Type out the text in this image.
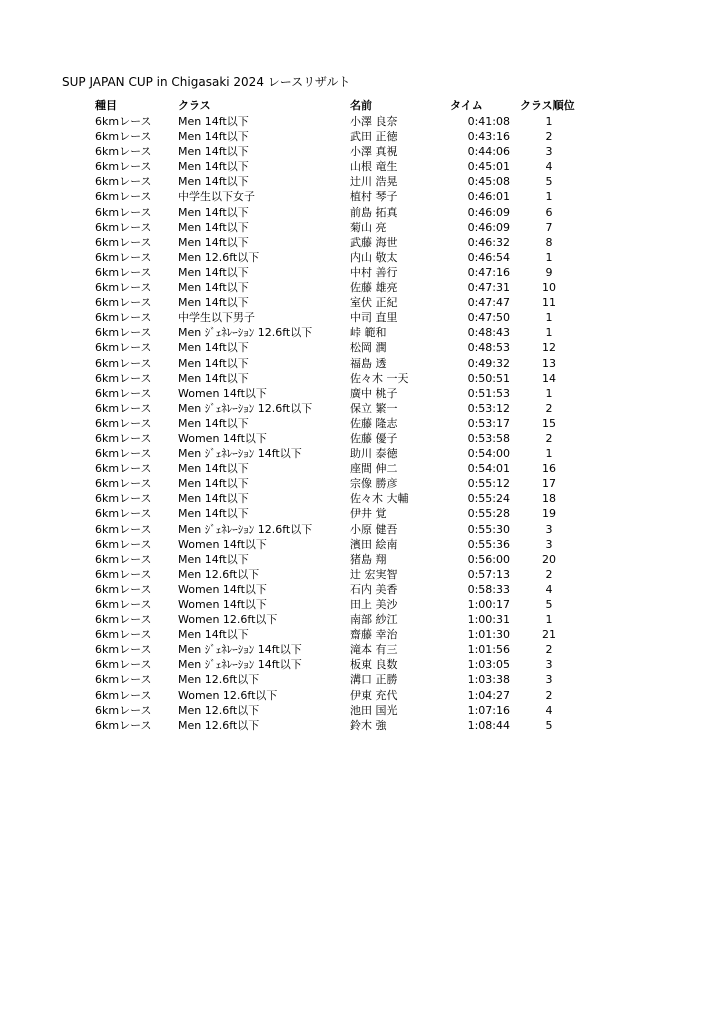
SUP JAPAN CUP in Chigasaki 2024 レースリザルト
種目	クラス	名前	タイム	クラス順位
6kmレース Men 14ft以下	小澤 良奈	0:41:08	1
6kmレース Men 14ft以下	武田 正徳	0:43:16	2
6kmレース Men 14ft以下	小澤 真視	0:44:06	3
6kmレース Men 14ft以下	山根 竜生	0:45:01	4
6kmレース Men 14ft以下	辻川 浩晃	0:45:08	5
6kmレース 中学生以下女子	植村 琴子	0:46:01	1
6kmレース Men 14ft以下	前島 拓真	0:46:09	6
6kmレース Men 14ft以下	菊山 亮	0:46:09	7
6kmレース Men 14ft以下	武藤 海世	0:46:32	8
6kmレース Men 12.6ft以下	内山 敬太	0:46:54	1
6kmレース Men 14ft以下	中村 善行	0:47:16	9
6kmレース Men 14ft以下	佐藤 雄亮	0:47:31	10
6kmレース Men 14ft以下	室伏 正紀	0:47:47	11
6kmレース 中学生以下男子	中司 直里	0:47:50	1
6kmレース Men ｼﾞｪﾈﾚｰｼｮﾝ 12.6ft以下	峠 範和	0:48:43	1
6kmレース Men 14ft以下	松岡 潤	0:48:53	12
6kmレース Men 14ft以下	福島 透	0:49:32	13
6kmレース Men 14ft以下	佐々木 一天	0:50:51	14
6kmレース Women 14ft以下	廣中 桃子	0:51:53	1
6kmレース Men ｼﾞｪﾈﾚｰｼｮﾝ 12.6ft以下	保立 繁一	0:53:12	2
6kmレース Men 14ft以下	佐藤 隆志	0:53:17	15
6kmレース Women 14ft以下	佐藤 優子	0:53:58	2
6kmレース Men ｼﾞｪﾈﾚｰｼｮﾝ 14ft以下	助川 泰徳	0:54:00	1
6kmレース Men 14ft以下	座間 伸二	0:54:01	16
6kmレース Men 14ft以下	宗像 勝彦	0:55:12	17
6kmレース Men 14ft以下	佐々木 大輔	0:55:24	18
6kmレース Men 14ft以下	伊井 覚	0:55:28	19
6kmレース Men ｼﾞｪﾈﾚｰｼｮﾝ 12.6ft以下	小原 健吾	0:55:30	3
6kmレース Women 14ft以下	濱田 絵南	0:55:36	3
6kmレース Men 14ft以下	猪島 翔	0:56:00	20
6kmレース Men 12.6ft以下	辻 宏実智	0:57:13	2
6kmレース Women 14ft以下	石内 美香	0:58:33	4
6kmレース Women 14ft以下	田上 美沙	1:00:17	5
6kmレース Women 12.6ft以下	南部 紗江	1:00:31	1
6kmレース Men 14ft以下	齋藤 幸治	1:01:30	21
6kmレース Men ｼﾞｪﾈﾚｰｼｮﾝ 14ft以下	滝本 有三	1:01:56	2
6kmレース Men ｼﾞｪﾈﾚｰｼｮﾝ 14ft以下	板東 良数	1:03:05	3
6kmレース Men 12.6ft以下	溝口 正勝	1:03:38	3
6kmレース Women 12.6ft以下	伊東 充代	1:04:27	2
6kmレース Men 12.6ft以下	池田 国光	1:07:16	4
6kmレース Men 12.6ft以下	鈴木 強	1:08:44	5
